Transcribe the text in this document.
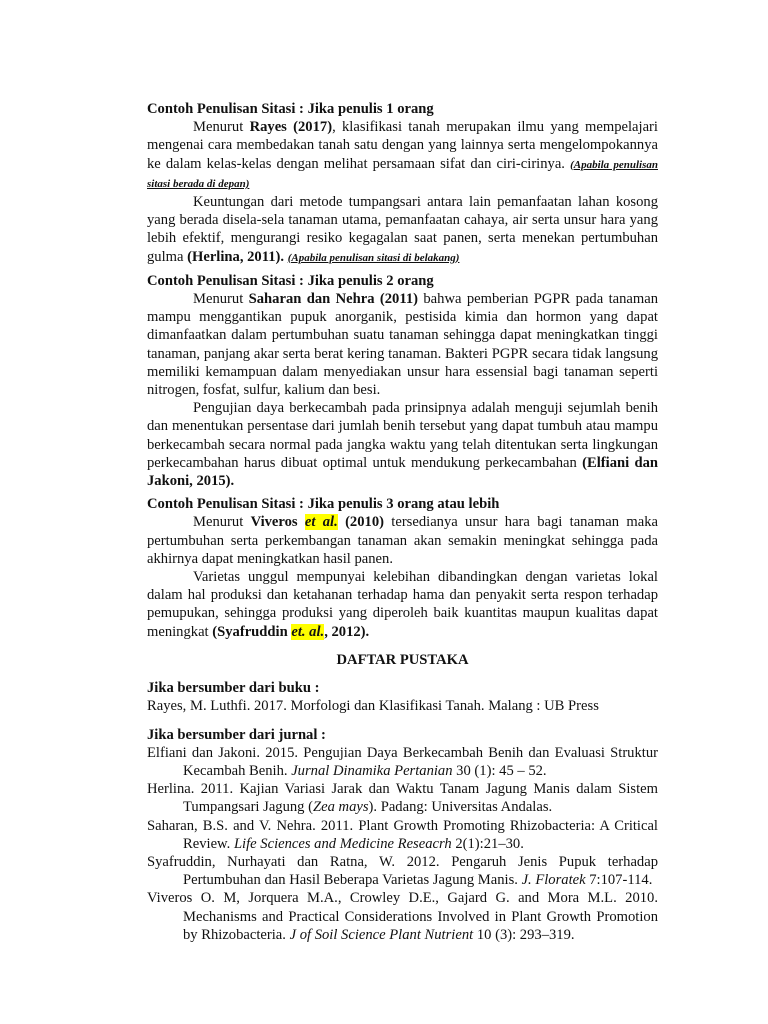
Contoh Penulisan Sitasi : Jika penulis 1 orang

Menurut Rayes (2017), klasifikasi tanah merupakan ilmu yang mempelajari mengenai cara membedakan tanah satu dengan yang lainnya serta mengelompokannya ke dalam kelas-kelas dengan melihat persamaan sifat dan ciri-cirinya. (Apabila penulisan sitasi berada di depan)

Keuntungan dari metode tumpangsari antara lain pemanfaatan lahan kosong yang berada disela-sela tanaman utama, pemanfaatan cahaya, air serta unsur hara yang lebih efektif, mengurangi resiko kegagalan saat panen, serta menekan pertumbuhan gulma (Herlina, 2011). (Apabila penulisan sitasi di belakang)

Contoh Penulisan Sitasi : Jika penulis 2 orang

Menurut Saharan dan Nehra (2011) bahwa pemberian PGPR pada tanaman mampu menggantikan pupuk anorganik, pestisida kimia dan hormon yang dapat dimanfaatkan dalam pertumbuhan suatu tanaman sehingga dapat meningkatkan tinggi tanaman, panjang akar serta berat kering tanaman. Bakteri PGPR secara tidak langsung memiliki kemampuan dalam menyediakan unsur hara essensial bagi tanaman seperti nitrogen, fosfat, sulfur, kalium dan besi.

Pengujian daya berkecambah pada prinsipnya adalah menguji sejumlah benih dan menentukan persentase dari jumlah benih tersebut yang dapat tumbuh atau mampu berkecambah secara normal pada jangka waktu yang telah ditentukan serta lingkungan perkecambahan harus dibuat optimal untuk mendukung perkecambahan (Elfiani dan Jakoni, 2015).

Contoh Penulisan Sitasi : Jika penulis 3 orang atau lebih

Menurut Viveros et al. (2010) tersedianya unsur hara bagi tanaman maka pertumbuhan serta perkembangan tanaman akan semakin meningkat sehingga pada akhirnya dapat meningkatkan hasil panen.

Varietas unggul mempunyai kelebihan dibandingkan dengan varietas lokal dalam hal produksi dan ketahanan terhadap hama dan penyakit serta respon terhadap pemupukan, sehingga produksi yang diperoleh baik kuantitas maupun kualitas dapat meningkat (Syafruddin et. al., 2012).

DAFTAR PUSTAKA

Jika bersumber dari buku :

Rayes, M. Luthfi. 2017. Morfologi dan Klasifikasi Tanah. Malang : UB Press

Jika bersumber dari jurnal :

Elfiani dan Jakoni. 2015. Pengujian Daya Berkecambah Benih dan Evaluasi Struktur Kecambah Benih. Jurnal Dinamika Pertanian 30 (1): 45 – 52.

Herlina. 2011. Kajian Variasi Jarak dan Waktu Tanam Jagung Manis dalam Sistem Tumpangsari Jagung (Zea mays). Padang: Universitas Andalas.

Saharan, B.S. and V. Nehra. 2011. Plant Growth Promoting Rhizobacteria: A Critical Review. Life Sciences and Medicine Reseacrh 2(1):21–30.

Syafruddin, Nurhayati dan Ratna, W. 2012. Pengaruh Jenis Pupuk terhadap Pertumbuhan dan Hasil Beberapa Varietas Jagung Manis. J. Floratek 7:107-114.

Viveros O. M, Jorquera M.A., Crowley D.E., Gajard G. and Mora M.L. 2010. Mechanisms and Practical Considerations Involved in Plant Growth Promotion by Rhizobacteria. J of Soil Science Plant Nutrient 10 (3): 293–319.
